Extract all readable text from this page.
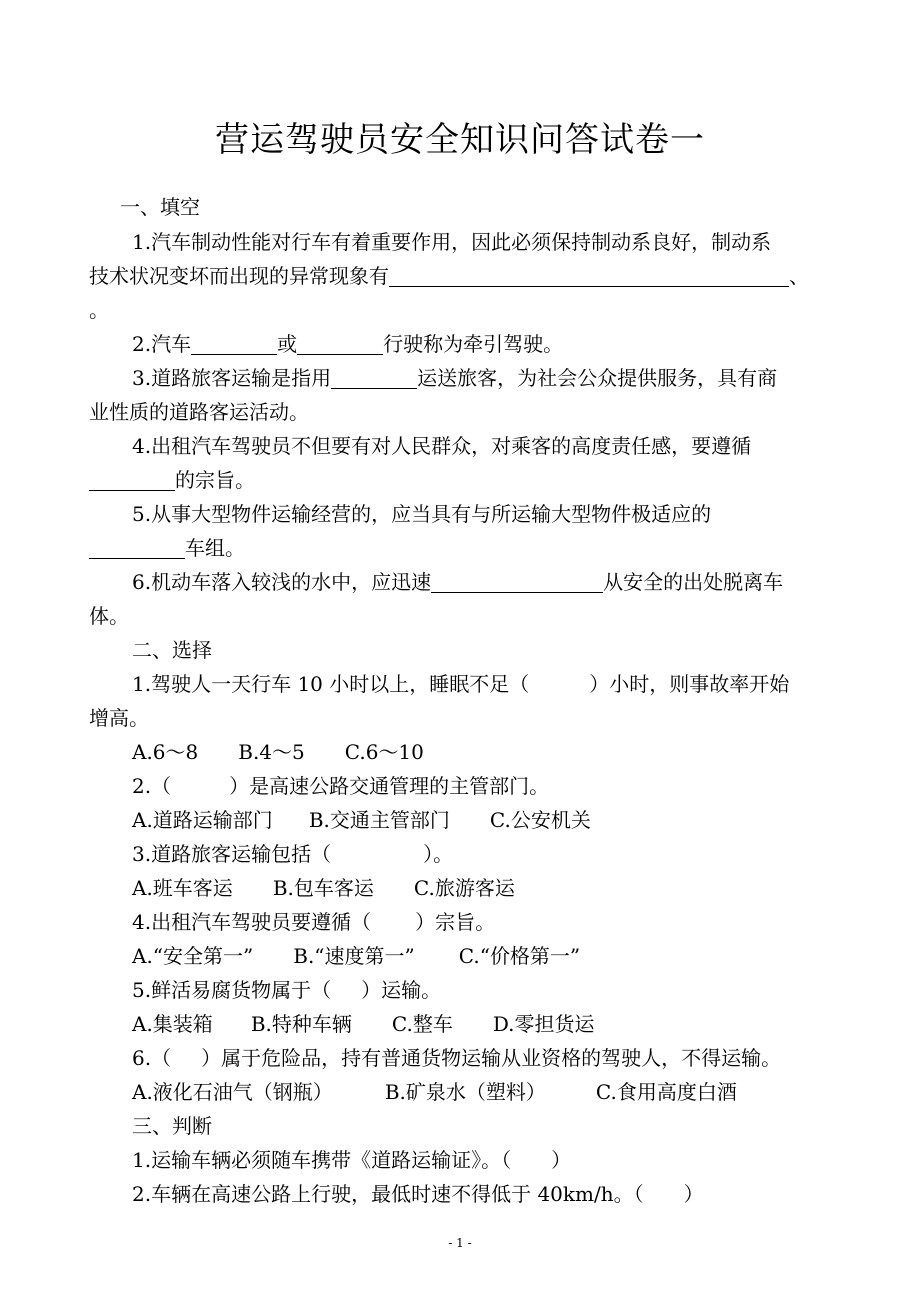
营运驾驶员安全知识问答试卷一
一、填空
1.汽车制动性能对行车有着重要作用，因此必须保持制动系良好，制动系
技术状况变坏而出现的异常现象有	、
。
2.汽车	或	行驶称为牵引驾驶。
3.道路旅客运输是指用	运送旅客，为社会公众提供服务，具有商
业性质的道路客运活动。
4.出租汽车驾驶员不但要有对人民群众，对乘客的高度责任感，要遵循
的宗旨。
5.从事大型物件运输经营的，应当具有与所运输大型物件极适应的
车组。
6.机动车落入较浅的水中，应迅速	从安全的出处脱离车
体。
二、选择
1.驾驶人一天行车 10 小时以上，睡眠不足（	）小时，则事故率开始
增高。
A.6～8 B.4～5 C.6～10
2.（	）是高速公路交通管理的主管部门。
A.道路运输部门 B.交通主管部门 C.公安机关
3.道路旅客运输包括（	）。
A.班车客运 B.包车客运 C.旅游客运
4.出租汽车驾驶员要遵循（ ）宗旨。
A.“安全第一” B.“速度第一” C.“价格第一”
5.鲜活易腐货物属于（ ）运输。
A.集装箱 B.特种车辆 C.整车 D.零担货运
6.（ ）属于危险品，持有普通货物运输从业资格的驾驶人，不得运输。
A.液化石油气（钢瓶）	B.矿泉水（塑料）	C.食用高度白酒
三、判断
1.运输车辆必须随车携带《道路运输证》。（ ）
2.车辆在高速公路上行驶，最低时速不得低于 40km/h。（ ）
- 1 -
